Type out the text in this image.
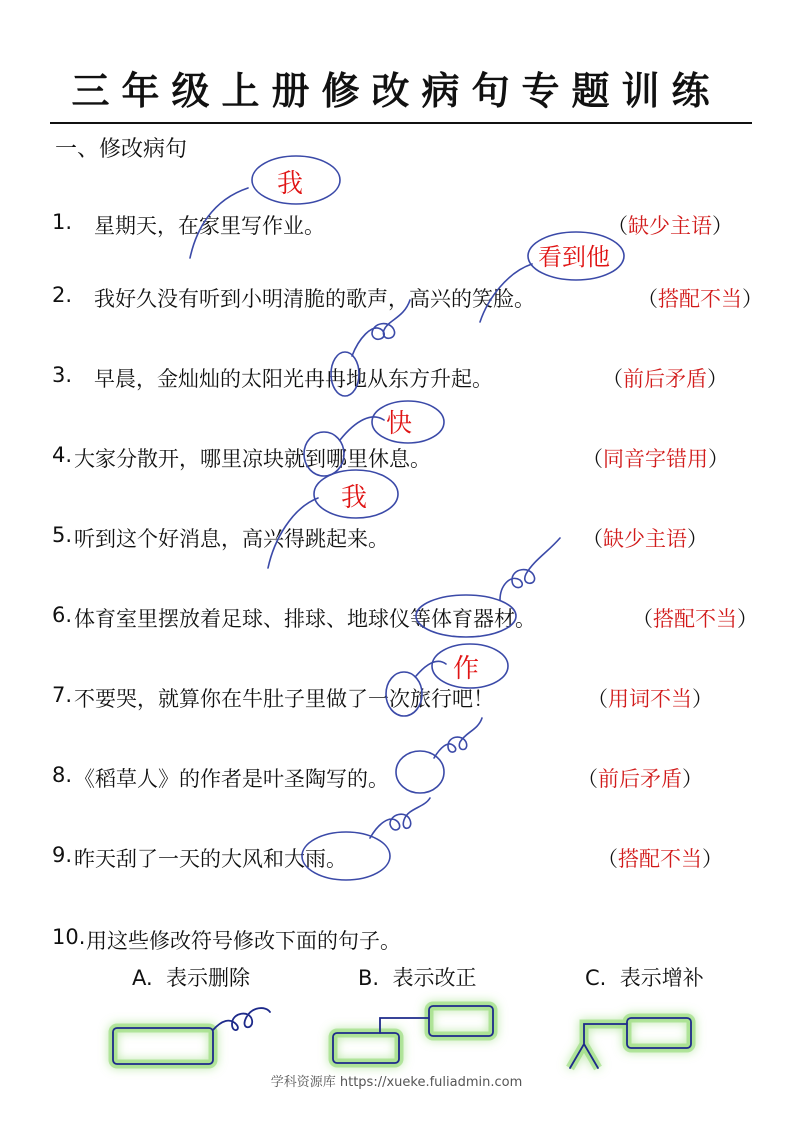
三年级上册修改病句专题训练
一、修改病句
1. 星期天，在家里写作业。	（缺少主语）
2. 我好久没有听到小明清脆的歌声，高兴的笑脸。	（搭配不当）
3. 早晨，金灿灿的太阳光冉冉地从东方升起。	（前后矛盾）
4. 大家分散开，哪里凉块就到哪里休息。	（同音字错用）
5. 听到这个好消息，高兴得跳起来。	（缺少主语）
6. 体育室里摆放着足球、排球、地球仪等体育器材。	（搭配不当）
7. 不要哭，就算你在牛肚子里做了一次旅行吧！	（用词不当）
8. 《稻草人》的作者是叶圣陶写的。	（前后矛盾）
9. 昨天刮了一天的大风和大雨。	（搭配不当）
10. 用这些修改符号修改下面的句子。
我
看到他
快
我
作
A. 表示删除	B. 表示改正	C. 表示增补
学科资源库 https://xueke.fuliadmin.com
